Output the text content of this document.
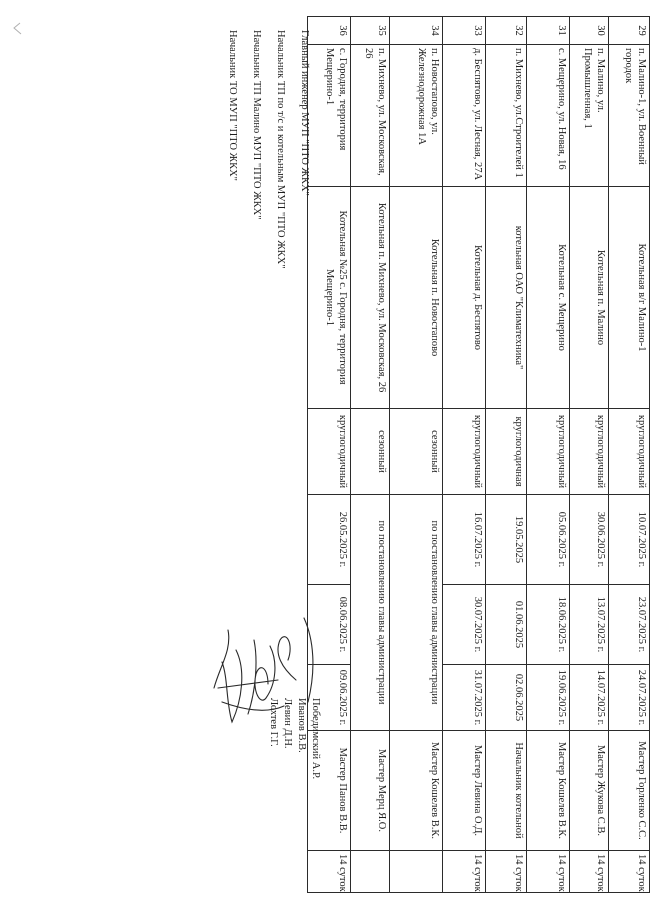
29	п. Малино-1, ул. Военный городок	Котельная в/г Малино-1	круглогодичный	10.07.2025 г.	23.07.2025 г.	24.07.2025 г.	Мастер Горленко С.С.	14 суток
30	п. Малино, ул. Промышленная, 1	Котельная п. Малино	круглогодичный	30.06.2025 г.	13.07.2025 г.	14.07.2025 г.	Мастер Жукова С.В.	14 суток
31	с. Мещерино, ул. Новая, 16	Котельная с. Мещерино	круглогодичный	05.06.2025 г.	18.06.2025 г.	19.06.2025 г.	Мастер Кошелев В.К.	14 суток
32	п. Михнево, ул.Строителей 1	котельная ОАО "Климатехника"	круглогодичная	19.05.2025	01.06.2025	02.06.2025	Начальник котельной	14 суток
33	д. Беспятово, ул. Лесная, 27А	Котельная д. Беспятово	круглогодичный	16.07.2025 г.	30.07.2025 г.	31.07.2025 г.	Мастер Левина О.Д.	14 суток
34	п. Новостапово, ул. Железнодорожная 1А	Котельная п. Новостапово	сезонный	по постановлению главы администрации			Мастер Кошелев В.К.	
35	п. Михнево, ул. Московская, 26	Котельная п. Михнево, ул. Московская, 26	сезонный	по постановлению главы администрации			Мастер Мерц Я.О.	
36	с. Городня, территория Мещерино-1	Котельная №25 с. Городня, территория Мещерино-1	круглогодичный	26.05.2025 г.	08.06.2025 г.	09.06.2025 г.	Мастер Панов В.В.	14 суток
Главный инженер МУП "ПТО ЖКХ"
Начальник ТП по т/с и котельным МУП "ПТО ЖКХ"
Начальник ТП Малино МУП "ПТО ЖКХ"
Начальник ТО МУП "ПТО ЖКХ"
Победимский А.Р.
Иванов В.В.
Левин Д.Н.
Лохтев Г.Г.
